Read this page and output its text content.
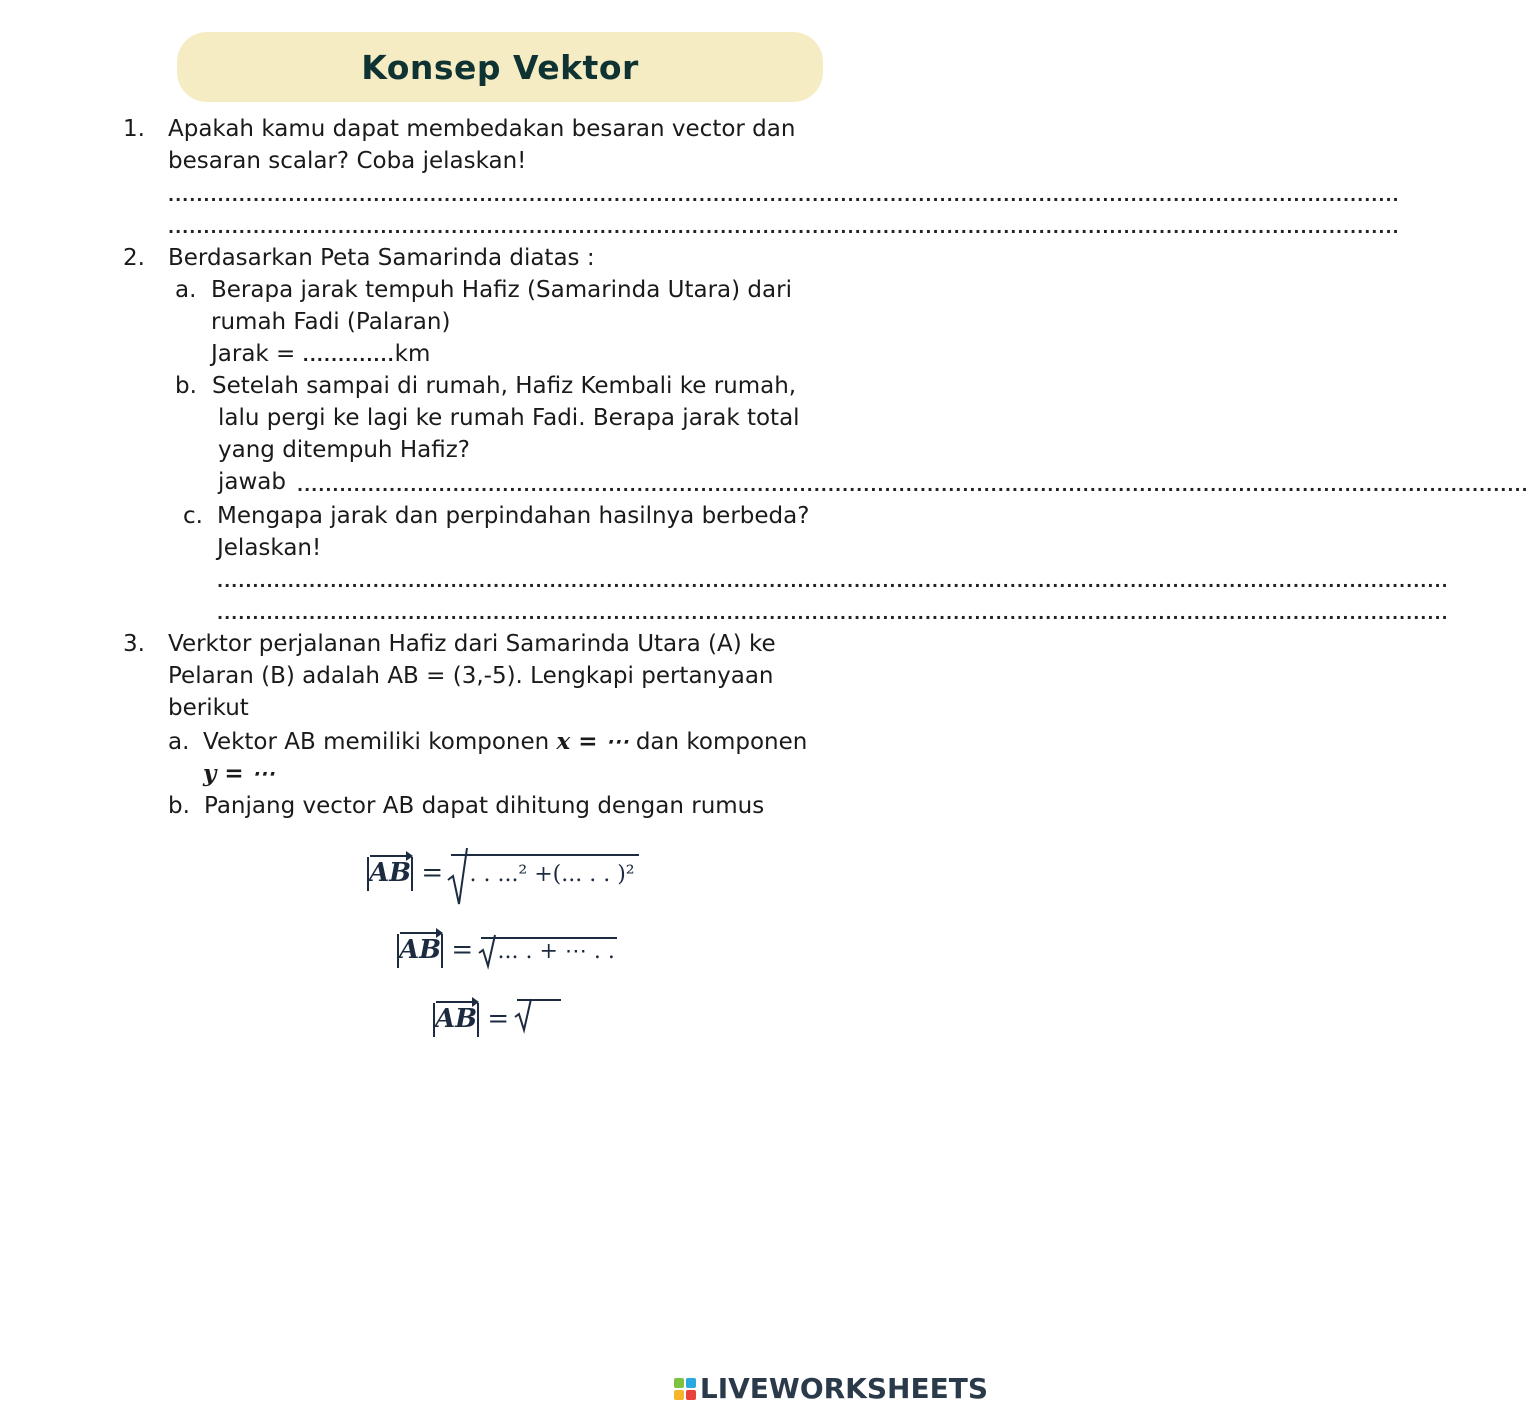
Konsep Vektor
1. Apakah kamu dapat membedakan besaran vector dan
besaran scalar? Coba jelaskan!
..............................................................................................................................................................................
..............................................................................................................................................................................
2. Berdasarkan Peta Samarinda diatas :
a. Berapa jarak tempuh Hafiz (Samarinda Utara) dari
rumah Fadi (Palaran)
Jarak = .............km
b. Setelah sampai di rumah, Hafiz Kembali ke rumah,
lalu pergi ke lagi ke rumah Fadi. Berapa jarak total
yang ditempuh Hafiz?
jawab ..............................................................................................................................................................................
c. Mengapa jarak dan perpindahan hasilnya berbeda?
Jelaskan!
..............................................................................................................................................................................
..............................................................................................................................................................................
3. Verktor perjalanan Hafiz dari Samarinda Utara (A) ke
Pelaran (B) adalah AB = (3,-5). Lengkapi pertanyaan
berikut
a. Vektor AB memiliki komponen x = ⋯ dan komponen
y = ⋯
b. Panjang vector AB dapat dihitung dengan rumus
AB = . . ...² +(... . . )²
AB = ... . + ⋯ . .
AB =
LIVEWORKSHEETS
